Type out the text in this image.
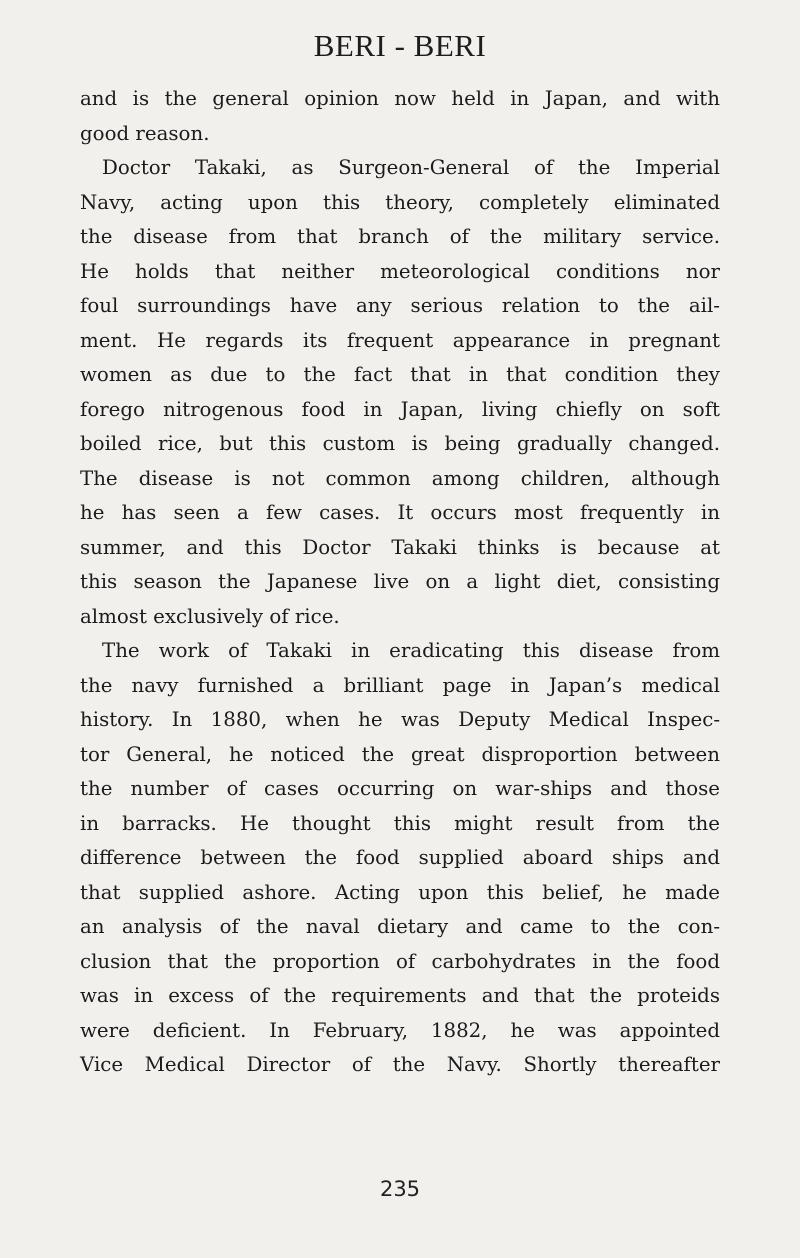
BERI - BERI
and is the general opinion now held in Japan, and with
good reason.
Doctor Takaki, as Surgeon-General of the Imperial
Navy, acting upon this theory, completely eliminated
the disease from that branch of the military service.
He holds that neither meteorological conditions nor
foul surroundings have any serious relation to the ail-
ment. He regards its frequent appearance in pregnant
women as due to the fact that in that condition they
forego nitrogenous food in Japan, living chiefly on soft
boiled rice, but this custom is being gradually changed.
The disease is not common among children, although
he has seen a few cases. It occurs most frequently in
summer, and this Doctor Takaki thinks is because at
this season the Japanese live on a light diet, consisting
almost exclusively of rice.
The work of Takaki in eradicating this disease from
the navy furnished a brilliant page in Japan’s medical
history. In 1880, when he was Deputy Medical Inspec-
tor General, he noticed the great disproportion between
the number of cases occurring on war-ships and those
in barracks. He thought this might result from the
difference between the food supplied aboard ships and
that supplied ashore. Acting upon this belief, he made
an analysis of the naval dietary and came to the con-
clusion that the proportion of carbohydrates in the food
was in excess of the requirements and that the proteids
were deficient. In February, 1882, he was appointed
Vice Medical Director of the Navy. Shortly thereafter
235
